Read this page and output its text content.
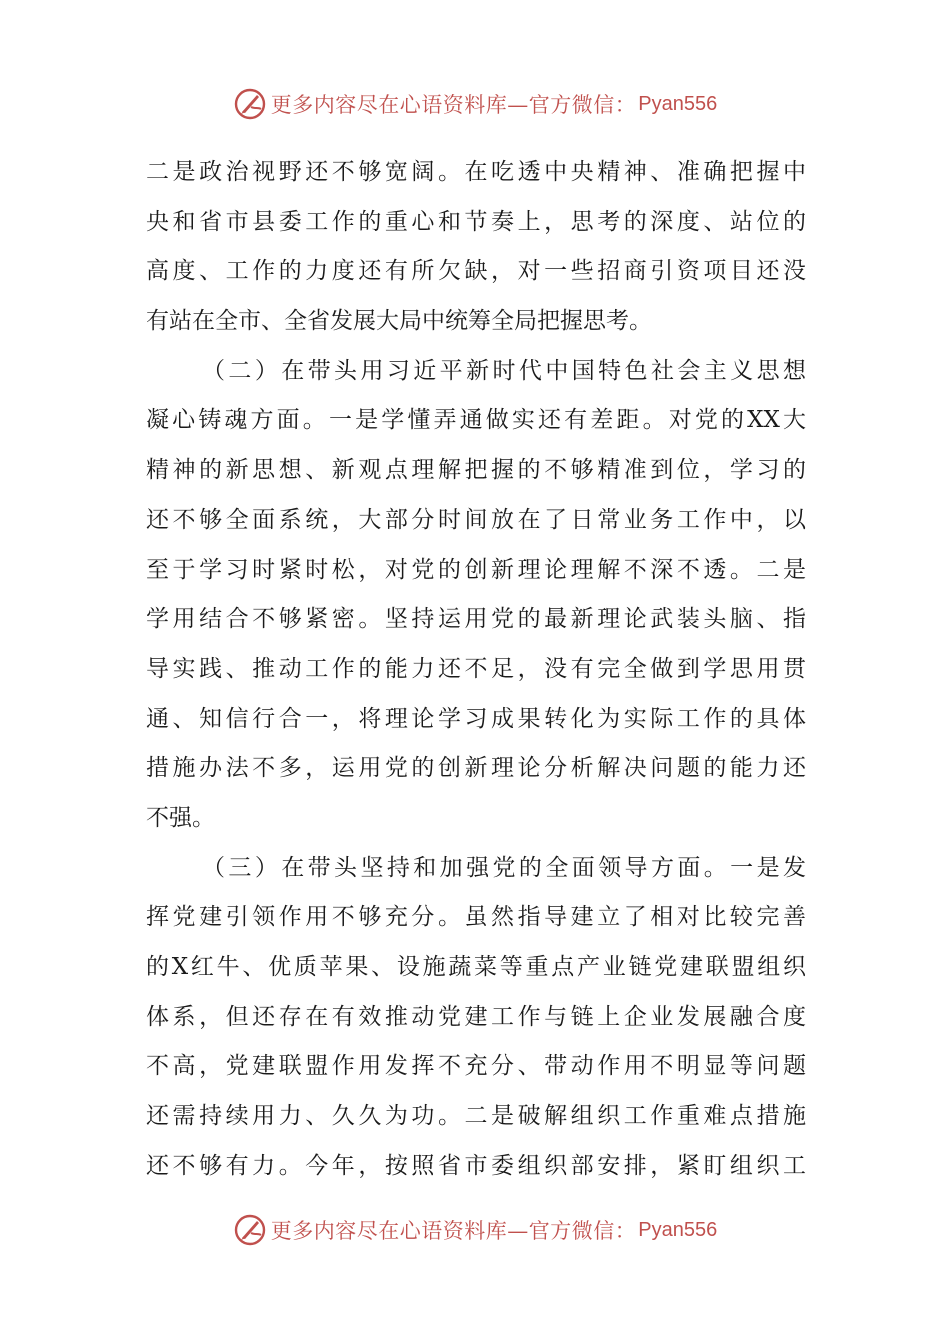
更多内容尽在心语资料库—官方微信： Pyan556
二是政治视野还不够宽阔。在吃透中央精神、准确把握中
央和省市县委工作的重心和节奏上，思考的深度、站位的
高度、工作的力度还有所欠缺，对一些招商引资项目还没
有站在全市、全省发展大局中统筹全局把握思考。
（二）在带头用习近平新时代中国特色社会主义思想
凝心铸魂方面。一是学懂弄通做实还有差距。对党的XX大
精神的新思想、新观点理解把握的不够精准到位，学习的
还不够全面系统，大部分时间放在了日常业务工作中，以
至于学习时紧时松，对党的创新理论理解不深不透。二是
学用结合不够紧密。坚持运用党的最新理论武装头脑、指
导实践、推动工作的能力还不足，没有完全做到学思用贯
通、知信行合一，将理论学习成果转化为实际工作的具体
措施办法不多，运用党的创新理论分析解决问题的能力还
不强。
（三）在带头坚持和加强党的全面领导方面。一是发
挥党建引领作用不够充分。虽然指导建立了相对比较完善
的X红牛、优质苹果、设施蔬菜等重点产业链党建联盟组织
体系，但还存在有效推动党建工作与链上企业发展融合度
不高，党建联盟作用发挥不充分、带动作用不明显等问题
还需持续用力、久久为功。二是破解组织工作重难点措施
还不够有力。今年，按照省市委组织部安排，紧盯组织工
更多内容尽在心语资料库—官方微信： Pyan556
